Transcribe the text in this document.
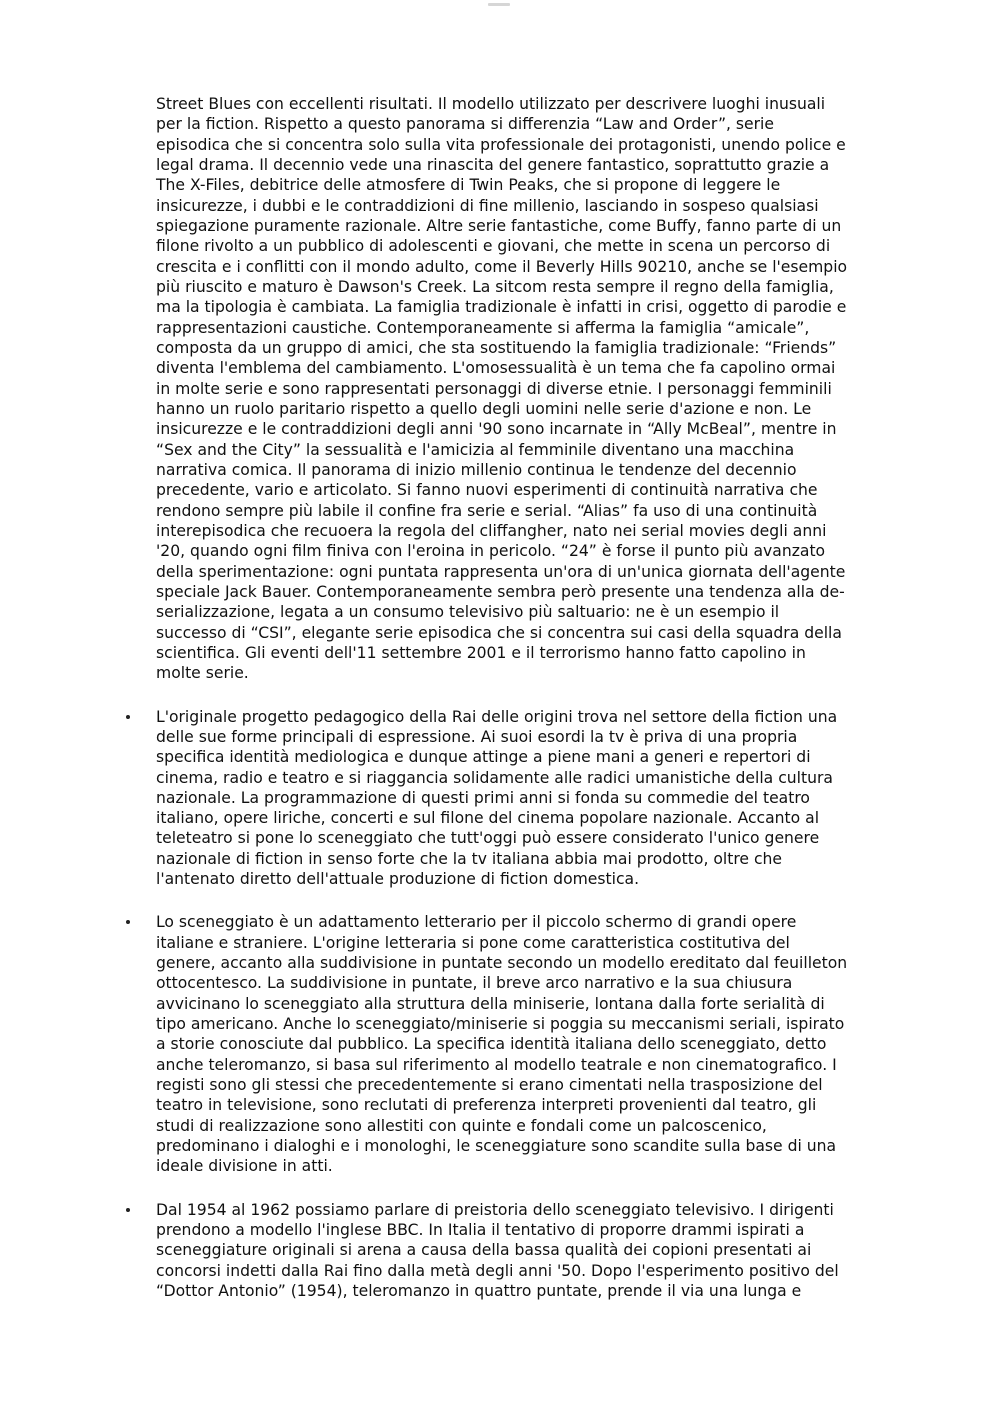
Street Blues con eccellenti risultati. Il modello utilizzato per descrivere luoghi inusuali
per la fiction. Rispetto a questo panorama si differenzia “Law and Order”, serie
episodica che si concentra solo sulla vita professionale dei protagonisti, unendo police e
legal drama. Il decennio vede una rinascita del genere fantastico, soprattutto grazie a
The X-Files, debitrice delle atmosfere di Twin Peaks, che si propone di leggere le
insicurezze, i dubbi e le contraddizioni di fine millenio, lasciando in sospeso qualsiasi
spiegazione puramente razionale. Altre serie fantastiche, come Buffy, fanno parte di un
filone rivolto a un pubblico di adolescenti e giovani, che mette in scena un percorso di
crescita e i conflitti con il mondo adulto, come il Beverly Hills 90210, anche se l'esempio
più riuscito e maturo è Dawson's Creek. La sitcom resta sempre il regno della famiglia,
ma la tipologia è cambiata. La famiglia tradizionale è infatti in crisi, oggetto di parodie e
rappresentazioni caustiche. Contemporaneamente si afferma la famiglia “amicale”,
composta da un gruppo di amici, che sta sostituendo la famiglia tradizionale: “Friends”
diventa l'emblema del cambiamento. L'omosessualità è un tema che fa capolino ormai
in molte serie e sono rappresentati personaggi di diverse etnie. I personaggi femminili
hanno un ruolo paritario rispetto a quello degli uomini nelle serie d'azione e non. Le
insicurezze e le contraddizioni degli anni '90 sono incarnate in “Ally McBeal”, mentre in
“Sex and the City” la sessualità e l'amicizia al femminile diventano una macchina
narrativa comica. Il panorama di inizio millenio continua le tendenze del decennio
precedente, vario e articolato. Si fanno nuovi esperimenti di continuità narrativa che
rendono sempre più labile il confine fra serie e serial. “Alias” fa uso di una continuità
interepisodica che recuoera la regola del cliffangher, nato nei serial movies degli anni
'20, quando ogni film finiva con l'eroina in pericolo. “24” è forse il punto più avanzato
della sperimentazione: ogni puntata rappresenta un'ora di un'unica giornata dell'agente
speciale Jack Bauer. Contemporaneamente sembra però presente una tendenza alla de-
serializzazione, legata a un consumo televisivo più saltuario: ne è un esempio il
successo di “CSI”, elegante serie episodica che si concentra sui casi della squadra della
scientifica. Gli eventi dell'11 settembre 2001 e il terrorismo hanno fatto capolino in
molte serie.

L'originale progetto pedagogico della Rai delle origini trova nel settore della fiction una
delle sue forme principali di espressione. Ai suoi esordi la tv è priva di una propria
specifica identità mediologica e dunque attinge a piene mani a generi e repertori di
cinema, radio e teatro e si riaggancia solidamente alle radici umanistiche della cultura
nazionale. La programmazione di questi primi anni si fonda su commedie del teatro
italiano, opere liriche, concerti e sul filone del cinema popolare nazionale. Accanto al
teleteatro si pone lo sceneggiato che tutt'oggi può essere considerato l'unico genere
nazionale di fiction in senso forte che la tv italiana abbia mai prodotto, oltre che
l'antenato diretto dell'attuale produzione di fiction domestica.

Lo sceneggiato è un adattamento letterario per il piccolo schermo di grandi opere
italiane e straniere. L'origine letteraria si pone come caratteristica costitutiva del
genere, accanto alla suddivisione in puntate secondo un modello ereditato dal feuilleton
ottocentesco. La suddivisione in puntate, il breve arco narrativo e la sua chiusura
avvicinano lo sceneggiato alla struttura della miniserie, lontana dalla forte serialità di
tipo americano. Anche lo sceneggiato/miniserie si poggia su meccanismi seriali, ispirato
a storie conosciute dal pubblico. La specifica identità italiana dello sceneggiato, detto
anche teleromanzo, si basa sul riferimento al modello teatrale e non cinematografico. I
registi sono gli stessi che precedentemente si erano cimentati nella trasposizione del
teatro in televisione, sono reclutati di preferenza interpreti provenienti dal teatro, gli
studi di realizzazione sono allestiti con quinte e fondali come un palcoscenico,
predominano i dialoghi e i monologhi, le sceneggiature sono scandite sulla base di una
ideale divisione in atti.

Dal 1954 al 1962 possiamo parlare di preistoria dello sceneggiato televisivo. I dirigenti
prendono a modello l'inglese BBC. In Italia il tentativo di proporre drammi ispirati a
sceneggiature originali si arena a causa della bassa qualità dei copioni presentati ai
concorsi indetti dalla Rai fino dalla metà degli anni '50. Dopo l'esperimento positivo del
“Dottor Antonio” (1954), teleromanzo in quattro puntate, prende il via una lunga e
